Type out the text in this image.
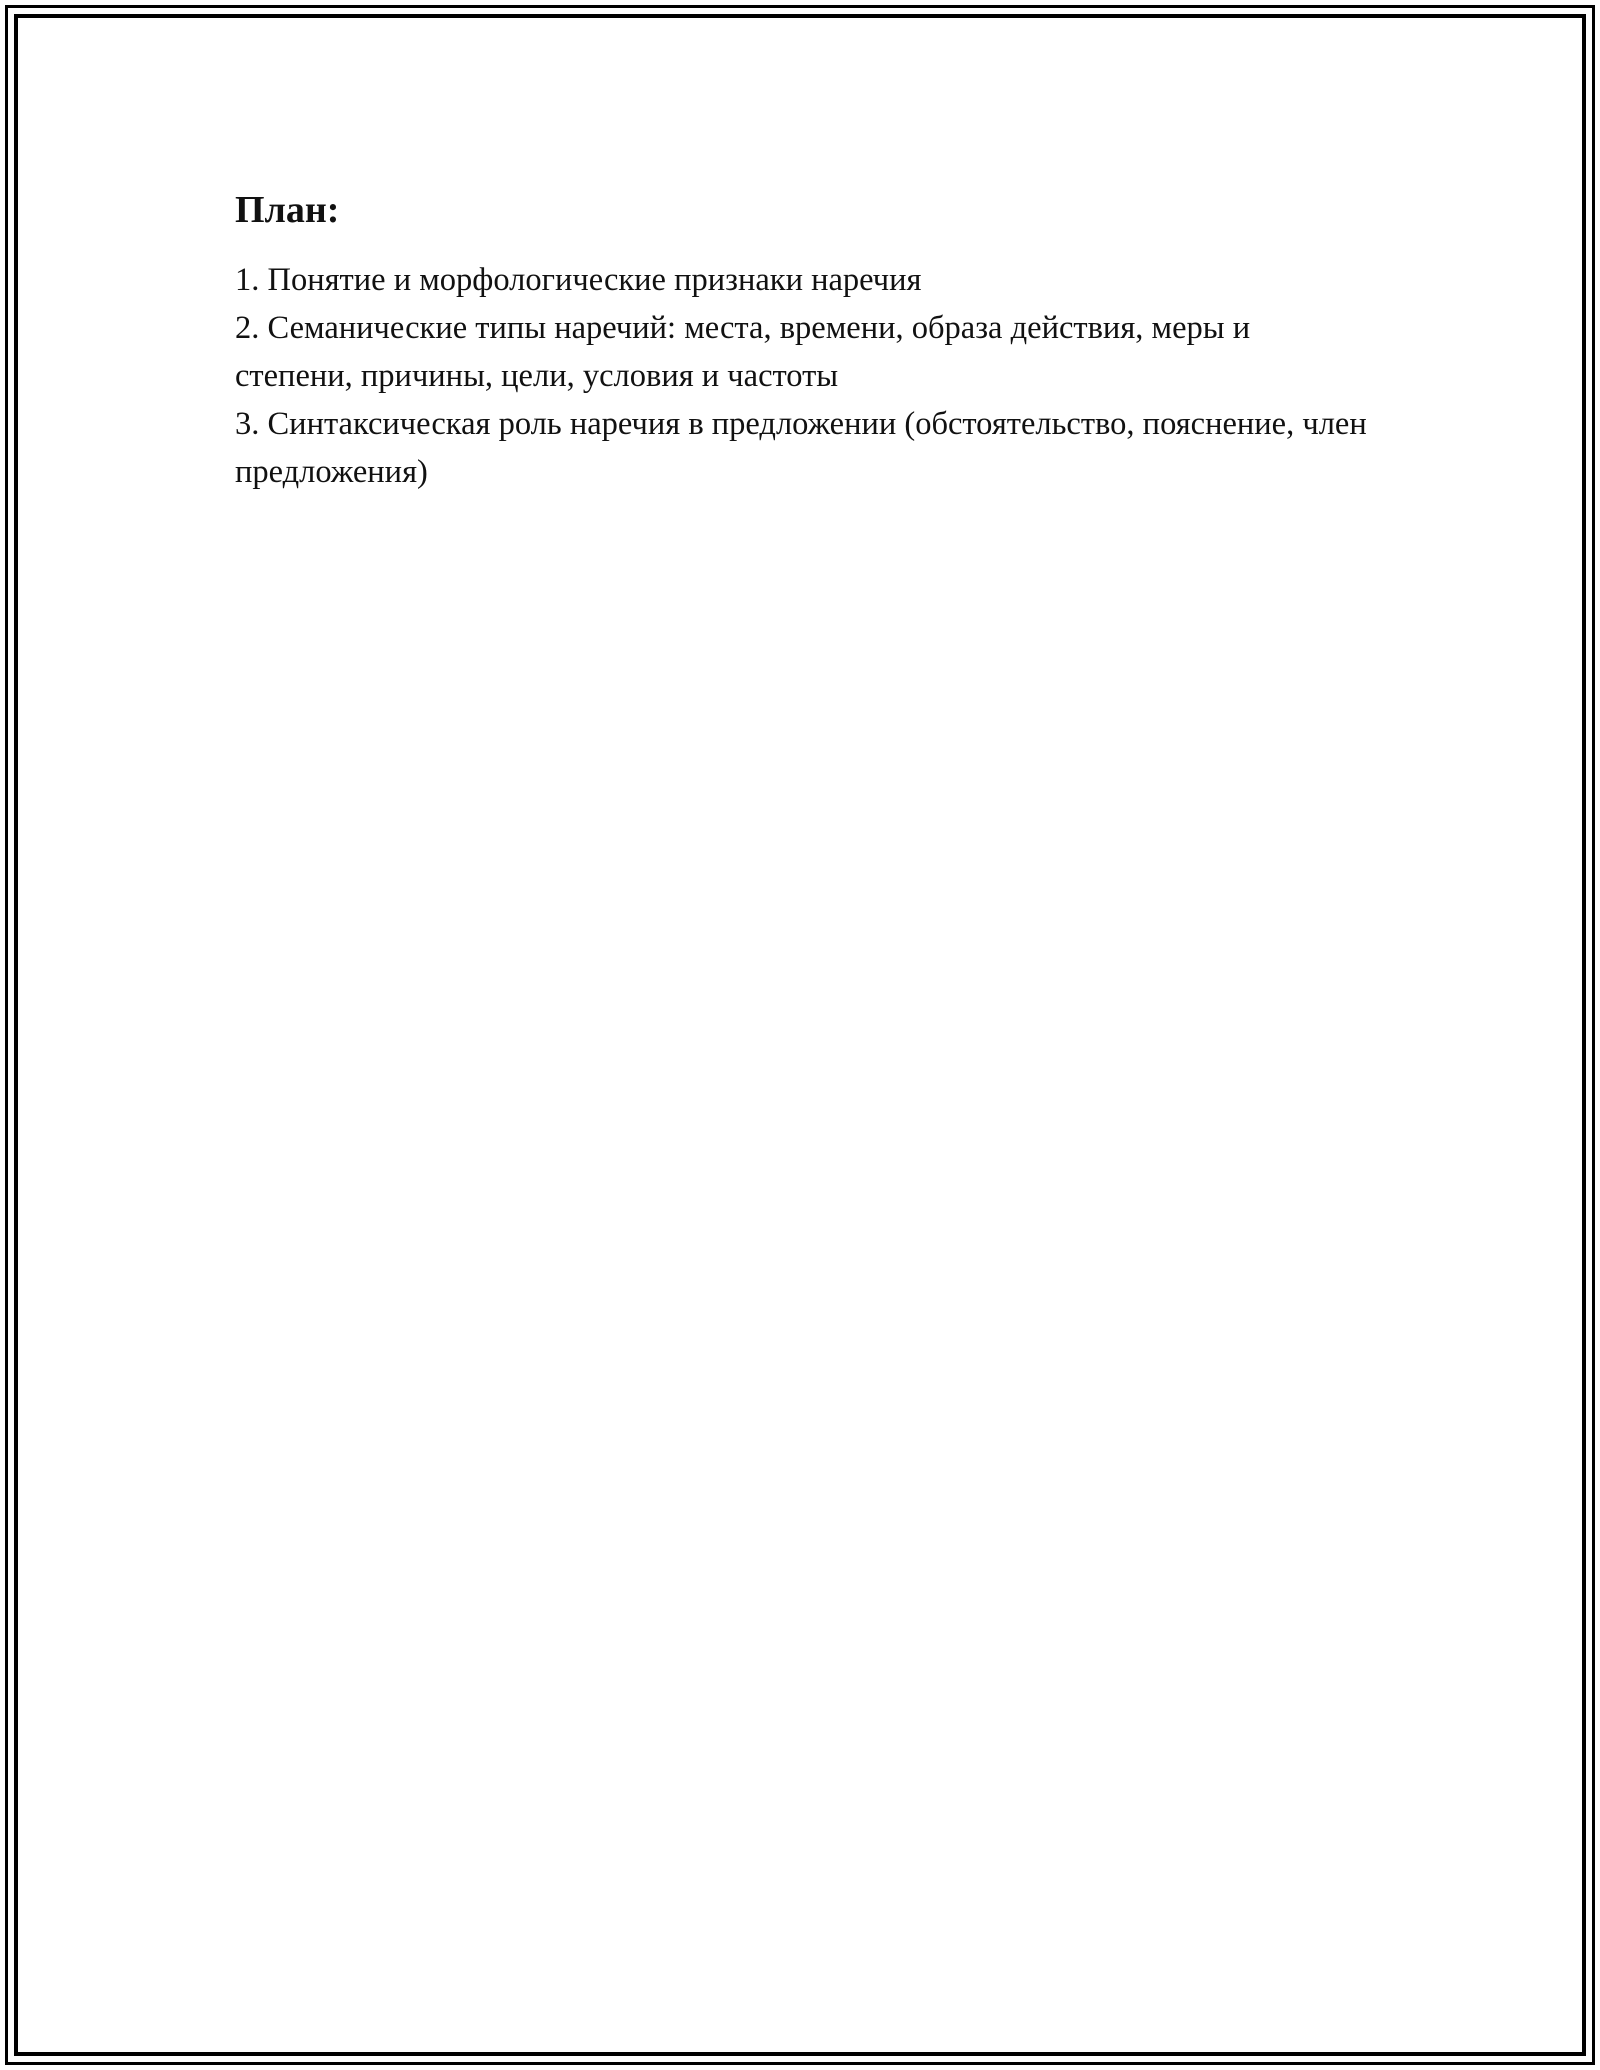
План:
1. Понятие и морфологические признаки наречия
2. Семанические типы наречий: места, времени, образа действия, меры и степени, причины, цели, условия и частоты
3. Синтаксическая роль наречия в предложении (обстоятельство, пояснение, член предложения)
